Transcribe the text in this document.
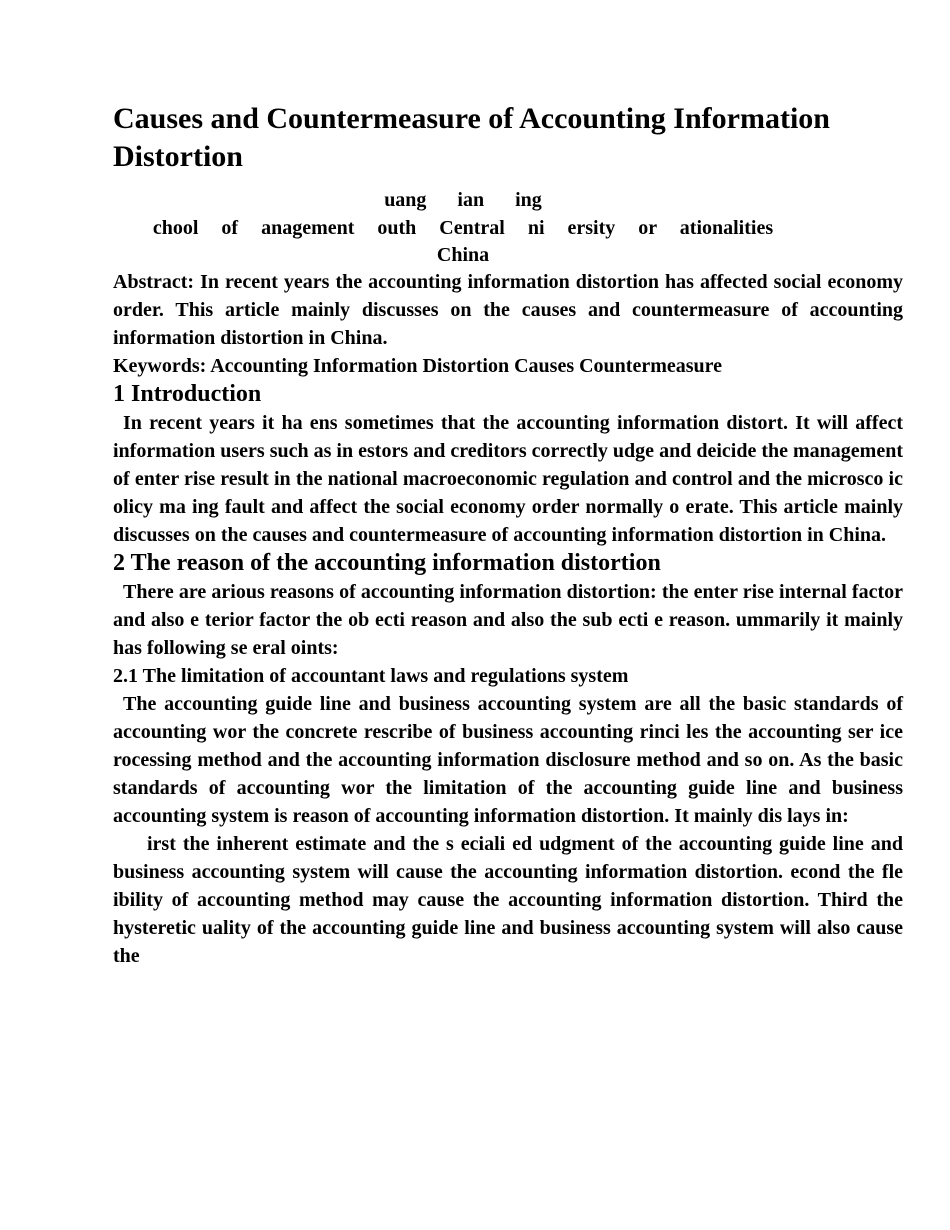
Causes and Countermeasure of Accounting Information Distortion
uang ian ing
chool of anagement outh Central ni ersity or ationalities
China

Abstract: In recent years the accounting information distortion has affected social economy order. This article mainly discusses on the causes and countermeasure of accounting information distortion in China.

Keywords: Accounting Information Distortion Causes Countermeasure

1 Introduction

In recent years it ha ens sometimes that the accounting information distort. It will affect information users such as in estors and creditors correctly udge and deicide the management of enter rise result in the national macroeconomic regulation and control and the microsco ic olicy ma ing fault and affect the social economy order normally o erate. This article mainly discusses on the causes and countermeasure of accounting information distortion in China.

2 The reason of the accounting information distortion

There are arious reasons of accounting information distortion: the enter rise internal factor and also e terior factor the ob ecti reason and also the sub ecti e reason. ummarily it mainly has following se eral oints:

2.1 The limitation of accountant laws and regulations system

The accounting guide line and business accounting system are all the basic standards of accounting wor the concrete rescribe of business accounting rinci les the accounting ser ice rocessing method and the accounting information disclosure method and so on. As the basic standards of accounting wor the limitation of the accounting guide line and business accounting system is reason of accounting information distortion. It mainly dis lays in:

irst the inherent estimate and the s eciali ed udgment of the accounting guide line and business accounting system will cause the accounting information distortion. econd the fle ibility of accounting method may cause the accounting information distortion. Third the hysteretic uality of the accounting guide line and business accounting system will also cause the
